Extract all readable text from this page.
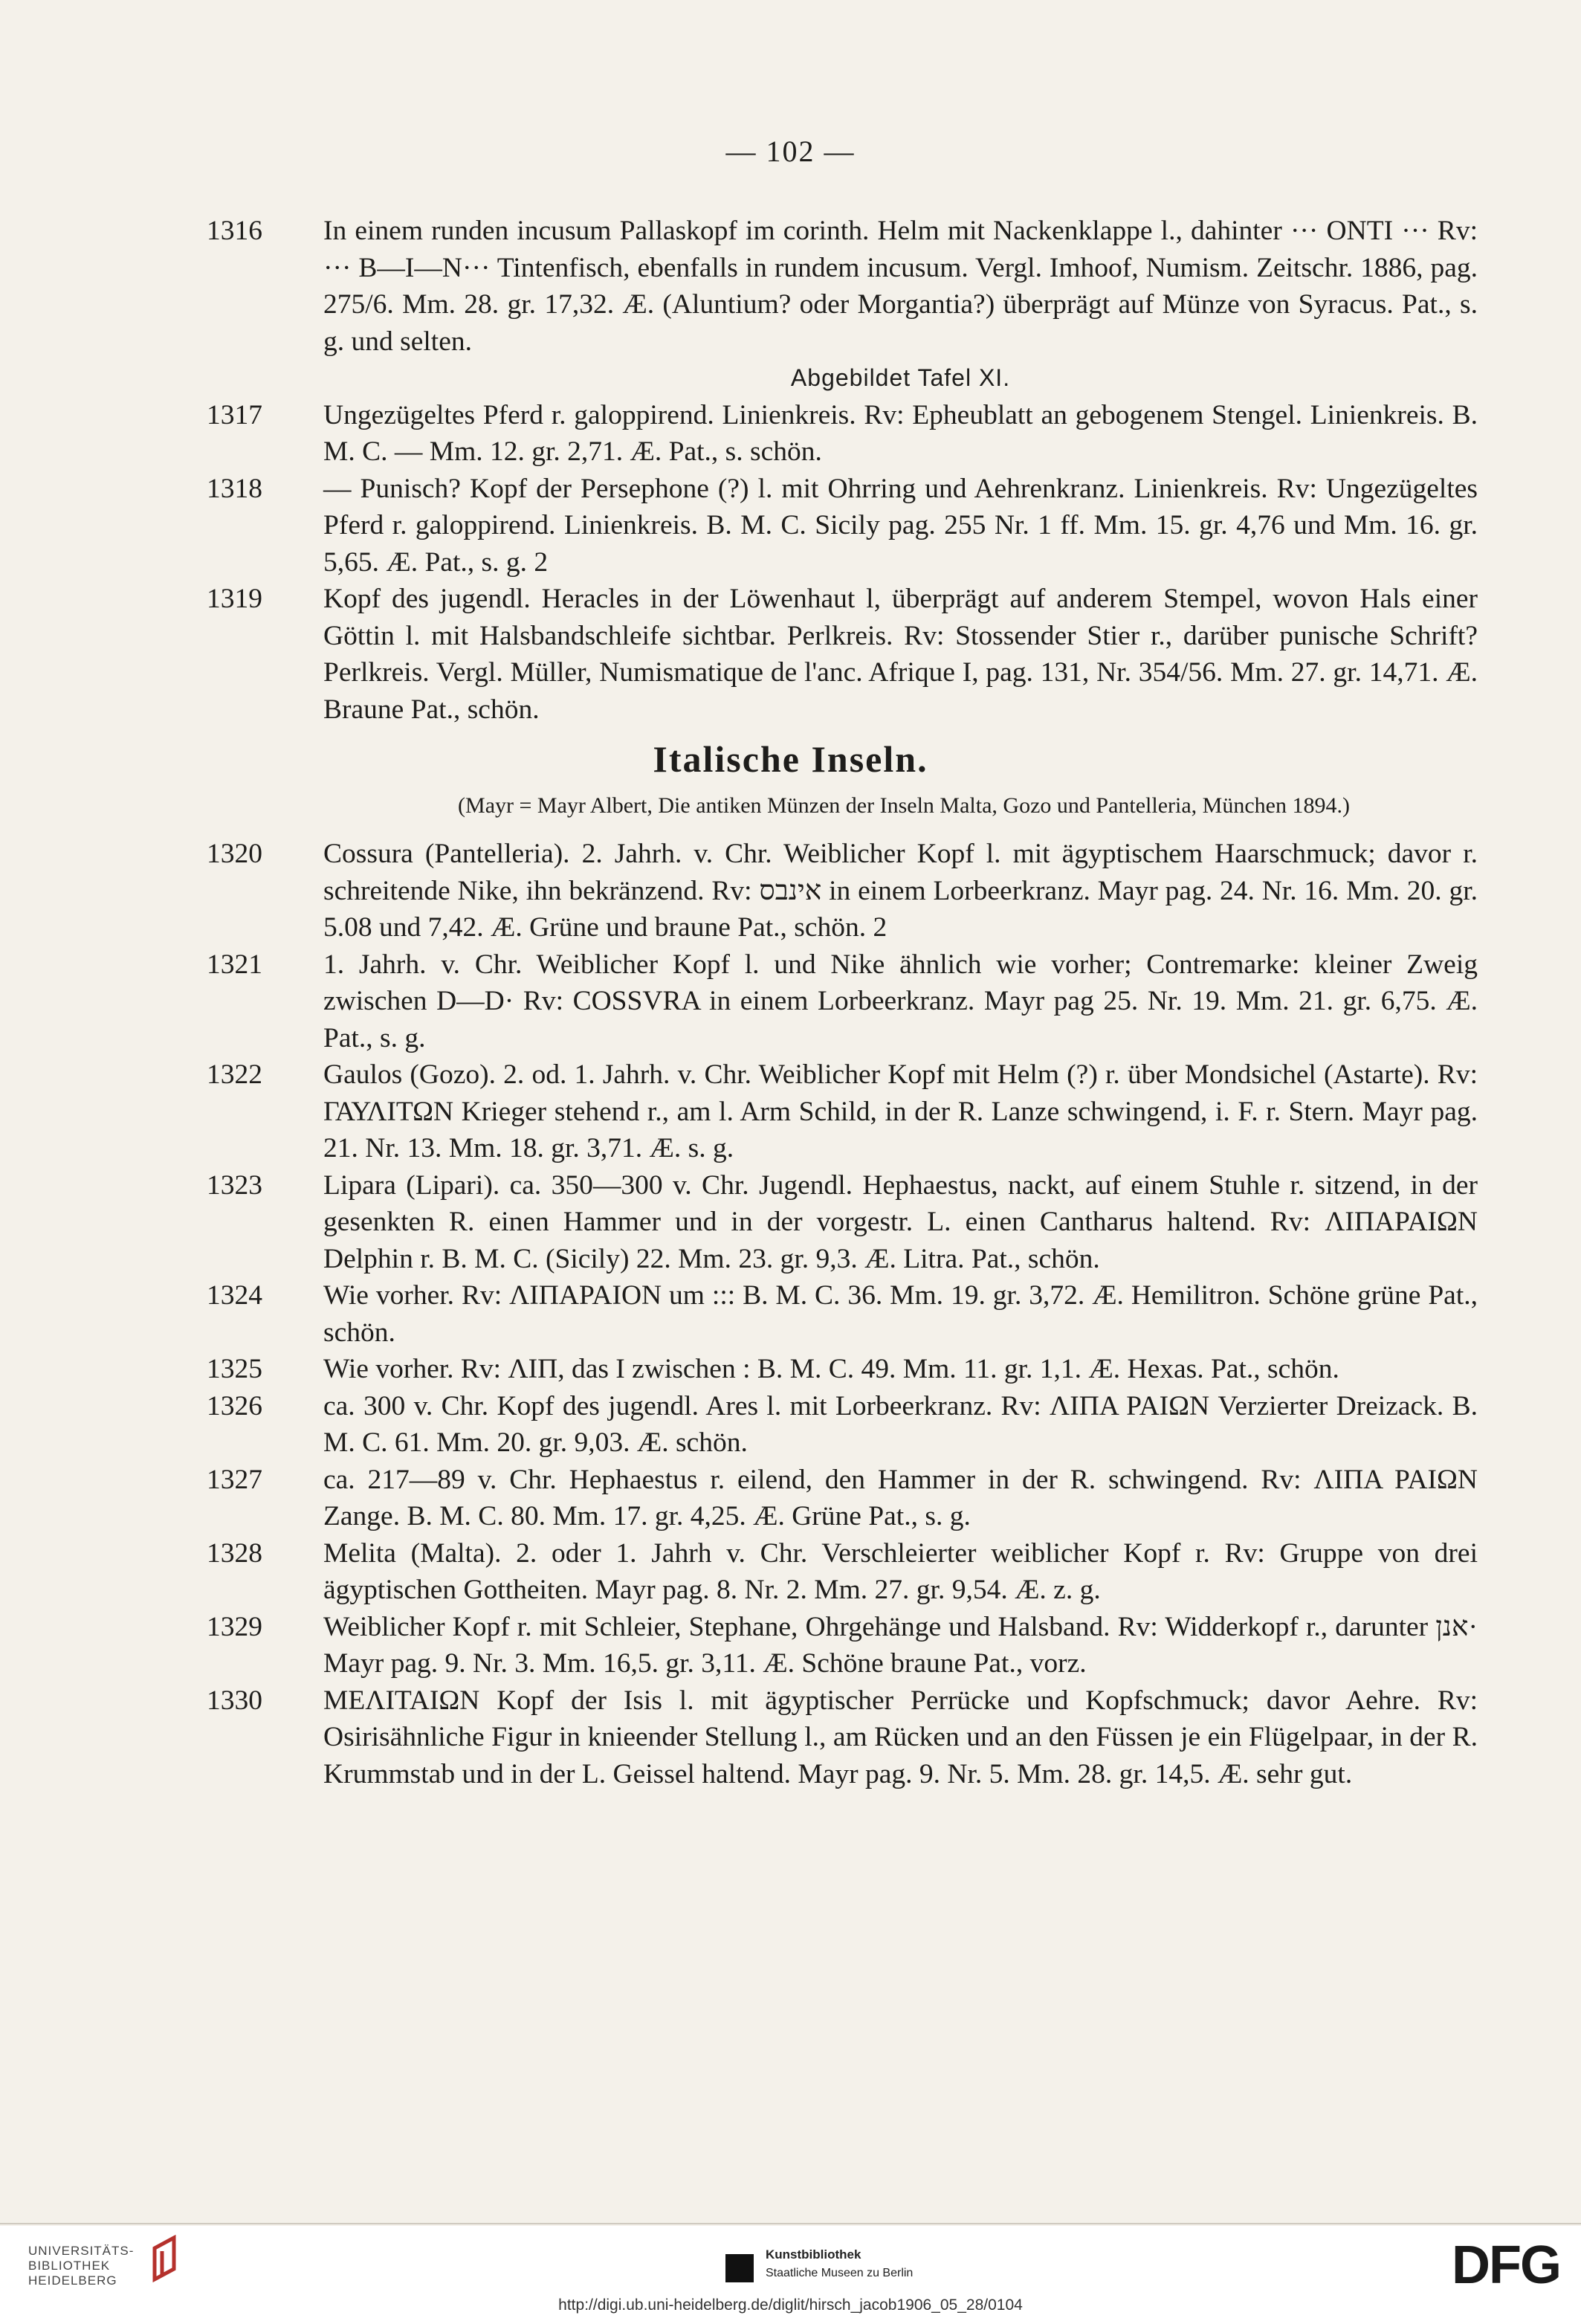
— 102 —
1316 In einem runden incusum Pallaskopf im corinth. Helm mit Nackenklappe l., dahinter ··· ONTI ··· Rv: ··· B—I—N··· Tintenfisch, ebenfalls in rundem incusum. Vergl. Imhoof, Numism. Zeitschr. 1886, pag. 275/6. Mm. 28. gr. 17,32. Æ. (Aluntium? oder Morgantia?) überprägt auf Münze von Syracus. Pat., s. g. und selten.

Abgebildet Tafel XI.

1317 Ungezügeltes Pferd r. galoppirend. Linienkreis. Rv: Epheublatt an gebogenem Stengel. Linienkreis. B. M. C. — Mm. 12. gr. 2,71. Æ. Pat., s. schön.

1318 — Punisch? Kopf der Persephone (?) l. mit Ohrring und Aehrenkranz. Linienkreis. Rv: Ungezügeltes Pferd r. galoppirend. Linienkreis. B. M. C. Sicily pag. 255 Nr. 1 ff. Mm. 15. gr. 4,76 und Mm. 16. gr. 5,65. Æ. Pat., s. g. 2

1319 Kopf des jugendl. Heracles in der Löwenhaut l, überprägt auf anderem Stempel, wovon Hals einer Göttin l. mit Halsbandschleife sichtbar. Perlkreis. Rv: Stossender Stier r., darüber punische Schrift? Perlkreis. Vergl. Müller, Numismatique de l'anc. Afrique I, pag. 131, Nr. 354/56. Mm. 27. gr. 14,71. Æ. Braune Pat., schön.

Italische Inseln.
(Mayr = Mayr Albert, Die antiken Münzen der Inseln Malta, Gozo und Pantelleria, München 1894.)
1320 Cossura (Pantelleria). 2. Jahrh. v. Chr. Weiblicher Kopf l. mit ägyptischem Haarschmuck; davor r. schreitende Nike, ihn bekränzend. Rv: אינבס in einem Lorbeerkranz. Mayr pag. 24. Nr. 16. Mm. 20. gr. 5.08 und 7,42. Æ. Grüne und braune Pat., schön. 2

1321 1. Jahrh. v. Chr. Weiblicher Kopf l. und Nike ähnlich wie vorher; Contremarke: kleiner Zweig zwischen D—D· Rv: COSSVRA in einem Lorbeerkranz. Mayr pag 25. Nr. 19. Mm. 21. gr. 6,75. Æ. Pat., s. g.

1322 Gaulos (Gozo). 2. od. 1. Jahrh. v. Chr. Weiblicher Kopf mit Helm (?) r. über Mondsichel (Astarte). Rv: ΓΑΥΛΙΤΩΝ Krieger stehend r., am l. Arm Schild, in der R. Lanze schwingend, i. F. r. Stern. Mayr pag. 21. Nr. 13. Mm. 18. gr. 3,71. Æ. s. g.

1323 Lipara (Lipari). ca. 350—300 v. Chr. Jugendl. Hephaestus, nackt, auf einem Stuhle r. sitzend, in der gesenkten R. einen Hammer und in der vorgestr. L. einen Cantharus haltend. Rv: ΛΙΠΑΡΑΙΩΝ Delphin r. B. M. C. (Sicily) 22. Mm. 23. gr. 9,3. Æ. Litra. Pat., schön.

1324 Wie vorher. Rv: ΛΙΠΑΡΑΙΟΝ um ::: B. M. C. 36. Mm. 19. gr. 3,72. Æ. Hemilitron. Schöne grüne Pat., schön.

1325 Wie vorher. Rv: ΛΙΠ, das I zwischen : B. M. C. 49. Mm. 11. gr. 1,1. Æ. Hexas. Pat., schön.

1326 ca. 300 v. Chr. Kopf des jugendl. Ares l. mit Lorbeerkranz. Rv: ΛΙΠΑ ΡΑΙΩΝ Verzierter Dreizack. B. M. C. 61. Mm. 20. gr. 9,03. Æ. schön.

1327 ca. 217—89 v. Chr. Hephaestus r. eilend, den Hammer in der R. schwingend. Rv: ΛΙΠΑ ΡΑΙΩΝ Zange. B. M. C. 80. Mm. 17. gr. 4,25. Æ. Grüne Pat., s. g.

1328 Melita (Malta). 2. oder 1. Jahrh v. Chr. Verschleierter weiblicher Kopf r. Rv: Gruppe von drei ägyptischen Gottheiten. Mayr pag. 8. Nr. 2. Mm. 27. gr. 9,54. Æ. z. g.

1329 Weiblicher Kopf r. mit Schleier, Stephane, Ohrgehänge und Halsband. Rv: Widderkopf r., darunter אנן· Mayr pag. 9. Nr. 3. Mm. 16,5. gr. 3,11. Æ. Schöne braune Pat., vorz.

1330 ΜΕΛΙΤΑΙΩΝ Kopf der Isis l. mit ägyptischer Perrücke und Kopfschmuck; davor Aehre. Rv: Osirisähnliche Figur in knieender Stellung l., am Rücken und an den Füssen je ein Flügelpaar, in der R. Krummstab und in der L. Geissel haltend. Mayr pag. 9. Nr. 5. Mm. 28. gr. 14,5. Æ. sehr gut.

UNIVERSITÄTS-
BIBLIOTHEK
HEIDELBERG
Kunstbibliothek
Staatliche Museen zu Berlin	DFG
http://digi.ub.uni-heidelberg.de/diglit/hirsch_jacob1906_05_28/0104
